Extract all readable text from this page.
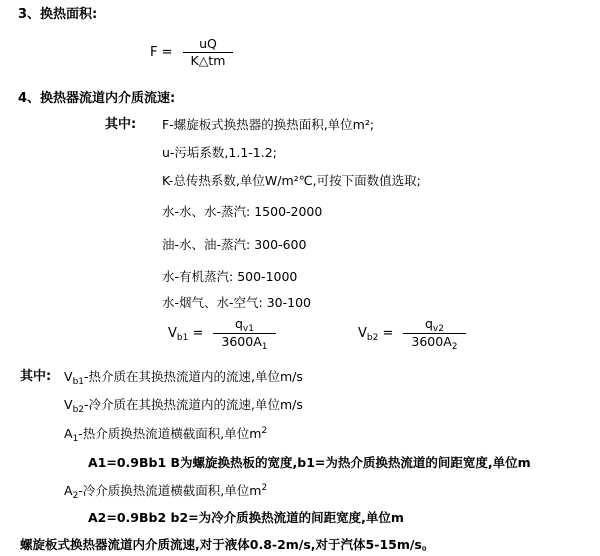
3、换热面积:
$F = \frac{uQ}{K\triangle tm}$
4、换热器流道内介质流速:
其中: F-螺旋板式换热器的换热面积,单位m²;
u-污垢系数,1.1-1.2;
K-总传热系数,单位W/m²℃,可按下面数值选取;
水-水、水-蒸汽: 1500-2000
油-水、油-蒸汽: 300-600
水-有机蒸汽: 500-1000
水-烟气、水-空气: 30-100
$V_{b1} = \frac{q_{v1}}{3600A_1}$	$V_{b2} = \frac{q_{v2}}{3600A_2}$
其中: $V_{b1}-$热介质在其换热流道内的流速,单位m/s
$V_{b2}-$冷介质在其换热流道内的流速,单位m/s
$A_1-$热介质换热流道横截面积,单位$m^2$
A1=0.9Bb1 B为螺旋换热板的宽度,b1=为热介质换热流道的间距宽度,单位m
$A_2-$冷介质换热流道横截面积,单位$m^2$
A2=0.9Bb2 b2=为冷介质换热流道的间距宽度,单位m
螺旋板式换热器流道内介质流速,对于液体0.8-2m/s,对于汽体5-15m/s。
